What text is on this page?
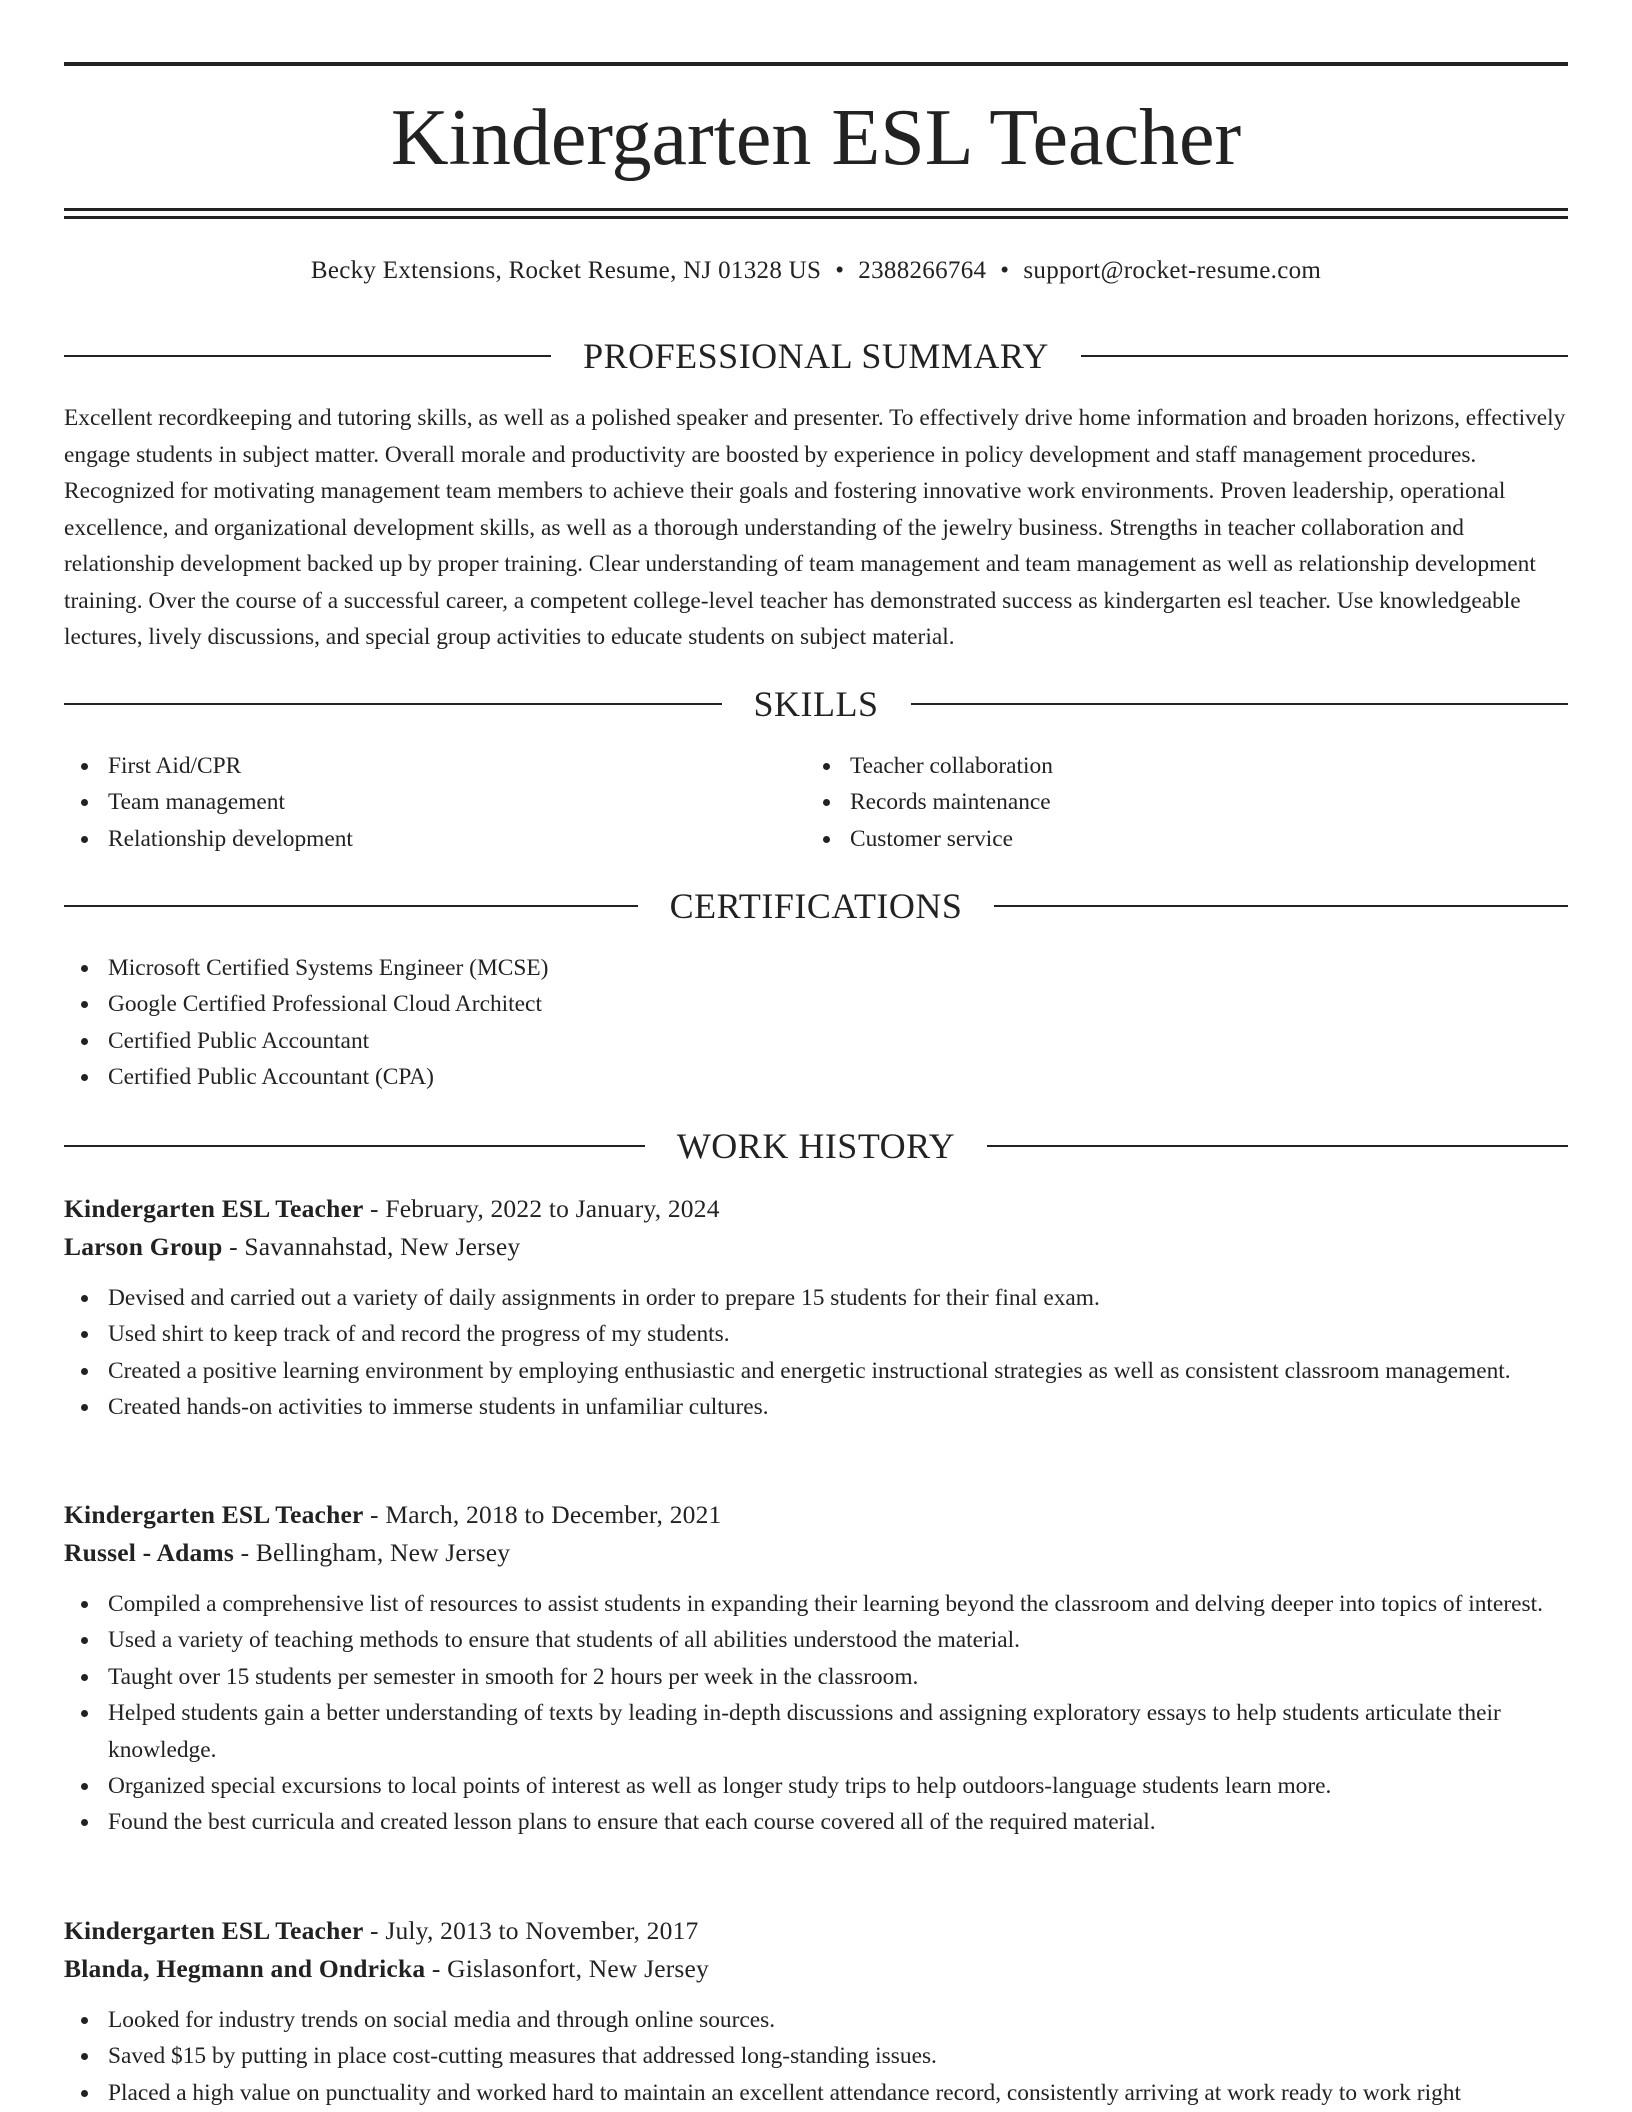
Kindergarten ESL Teacher
Becky Extensions, Rocket Resume, NJ 01328 US • 2388266764 • support@rocket-resume.com
PROFESSIONAL SUMMARY

Excellent recordkeeping and tutoring skills, as well as a polished speaker and presenter. To effectively drive home information and broaden horizons, effectively engage students in subject matter. Overall morale and productivity are boosted by experience in policy development and staff management procedures. Recognized for motivating management team members to achieve their goals and fostering innovative work environments. Proven leadership, operational excellence, and organizational development skills, as well as a thorough understanding of the jewelry business. Strengths in teacher collaboration and relationship development backed up by proper training. Clear understanding of team management and team management as well as relationship development training. Over the course of a successful career, a competent college-level teacher has demonstrated success as kindergarten esl teacher. Use knowledgeable lectures, lively discussions, and special group activities to educate students on subject material.

SKILLS
First Aid/CPR
Team management
Relationship development
Teacher collaboration
Records maintenance
Customer service
CERTIFICATIONS
Microsoft Certified Systems Engineer (MCSE)
Google Certified Professional Cloud Architect
Certified Public Accountant
Certified Public Accountant (CPA)
WORK HISTORY
Kindergarten ESL Teacher - February, 2022 to January, 2024
Larson Group - Savannahstad, New Jersey
Devised and carried out a variety of daily assignments in order to prepare 15 students for their final exam.
Used shirt to keep track of and record the progress of my students.
Created a positive learning environment by employing enthusiastic and energetic instructional strategies as well as consistent classroom management.
Created hands-on activities to immerse students in unfamiliar cultures.
Kindergarten ESL Teacher - March, 2018 to December, 2021
Russel - Adams - Bellingham, New Jersey
Compiled a comprehensive list of resources to assist students in expanding their learning beyond the classroom and delving deeper into topics of interest.
Used a variety of teaching methods to ensure that students of all abilities understood the material.
Taught over 15 students per semester in smooth for 2 hours per week in the classroom.
Helped students gain a better understanding of texts by leading in-depth discussions and assigning exploratory essays to help students articulate their knowledge.
Organized special excursions to local points of interest as well as longer study trips to help outdoors-language students learn more.
Found the best curricula and created lesson plans to ensure that each course covered all of the required material.
Kindergarten ESL Teacher - July, 2013 to November, 2017
Blanda, Hegmann and Ondricka - Gislasonfort, New Jersey
Looked for industry trends on social media and through online sources.
Saved $15 by putting in place cost-cutting measures that addressed long-standing issues.
Placed a high value on punctuality and worked hard to maintain an excellent attendance record, consistently arriving at work ready to work right
